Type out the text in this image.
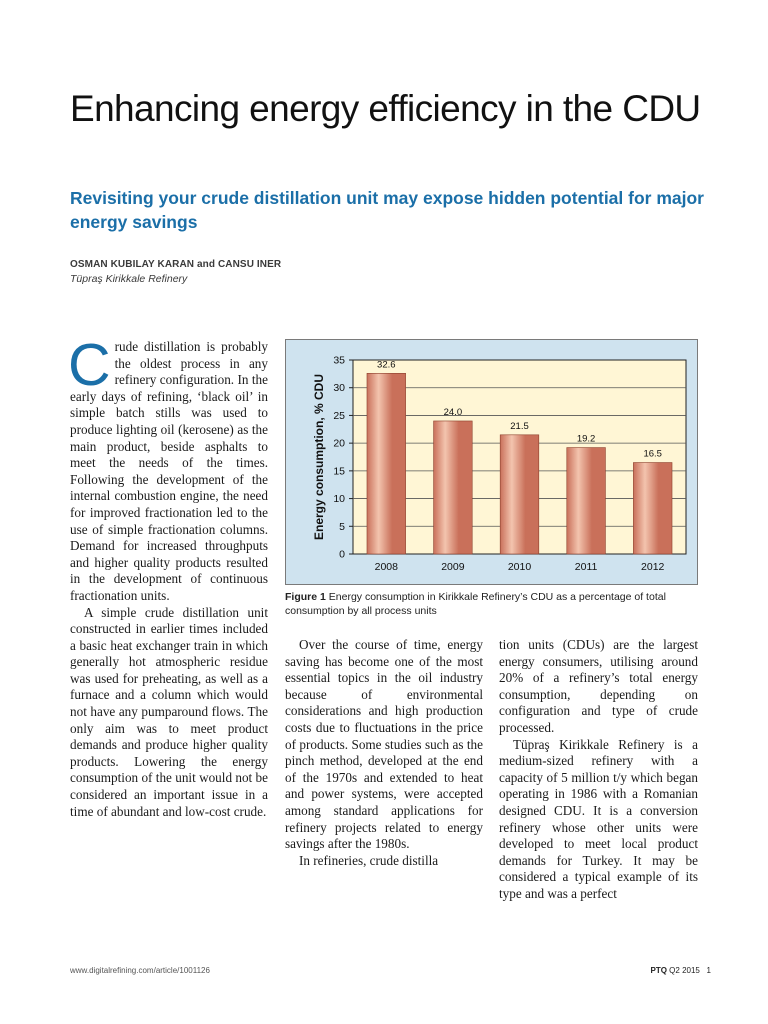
Enhancing energy efficiency in the CDU
Revisiting your crude distillation unit may expose hidden potential for major energy savings

OSMAN KUBILAY KARAN and CANSU INER

Tüpraş Kirikkale Refinery

Crude distillation is probably the oldest process in any refinery configuration. In the early days of refining, ‘black oil’ in simple batch stills was used to produce lighting oil (kerosene) as the main product, beside asphalts to meet the needs of the times. Following the development of the internal combustion engine, the need for improved fractionation led to the use of simple fractionation columns. Demand for increased throughputs and higher quality products resulted in the development of continuous fractionation units.

A simple crude distillation unit constructed in earlier times included a basic heat exchanger train in which generally hot atmospheric residue was used for preheating, as well as a furnace and a column which would not have any pumparound flows. The only aim was to meet product demands and produce higher quality products. Lowering the energy consumption of the unit would not be considered an important issue in a time of abundant and low-cost crude.

0
5
10
15
20
25
30
35	32.6
2008
24.0
2009
21.5
2010
19.2
2011
16.5
2012
Energy consumption, % CDU

Figure 1 Energy consumption in Kirikkale Refinery’s CDU as a percentage of total consumption by all process units

Over the course of time, energy saving has become one of the most essential topics in the oil industry because of environmental considerations and high production costs due to fluctuations in the price of products. Some studies such as the pinch method, developed at the end of the 1970s and extended to heat and power systems, were accepted among standard applications for refinery projects related to energy savings after the 1980s.

In refineries, crude distilla

tion units (CDUs) are the largest energy consumers, utilising around 20% of a refinery’s total energy consumption, depending on configuration and type of crude processed.

Tüpraş Kirikkale Refinery is a medium-sized refinery with a capacity of 5 million t/y which began operating in 1986 with a Romanian designed CDU. It is a conversion refinery whose other units were developed to meet local product demands for Turkey. It may be considered a typical example of its type and was a perfect

www.digitalrefining.com/article/1001126	PTQ Q2 2015 1
